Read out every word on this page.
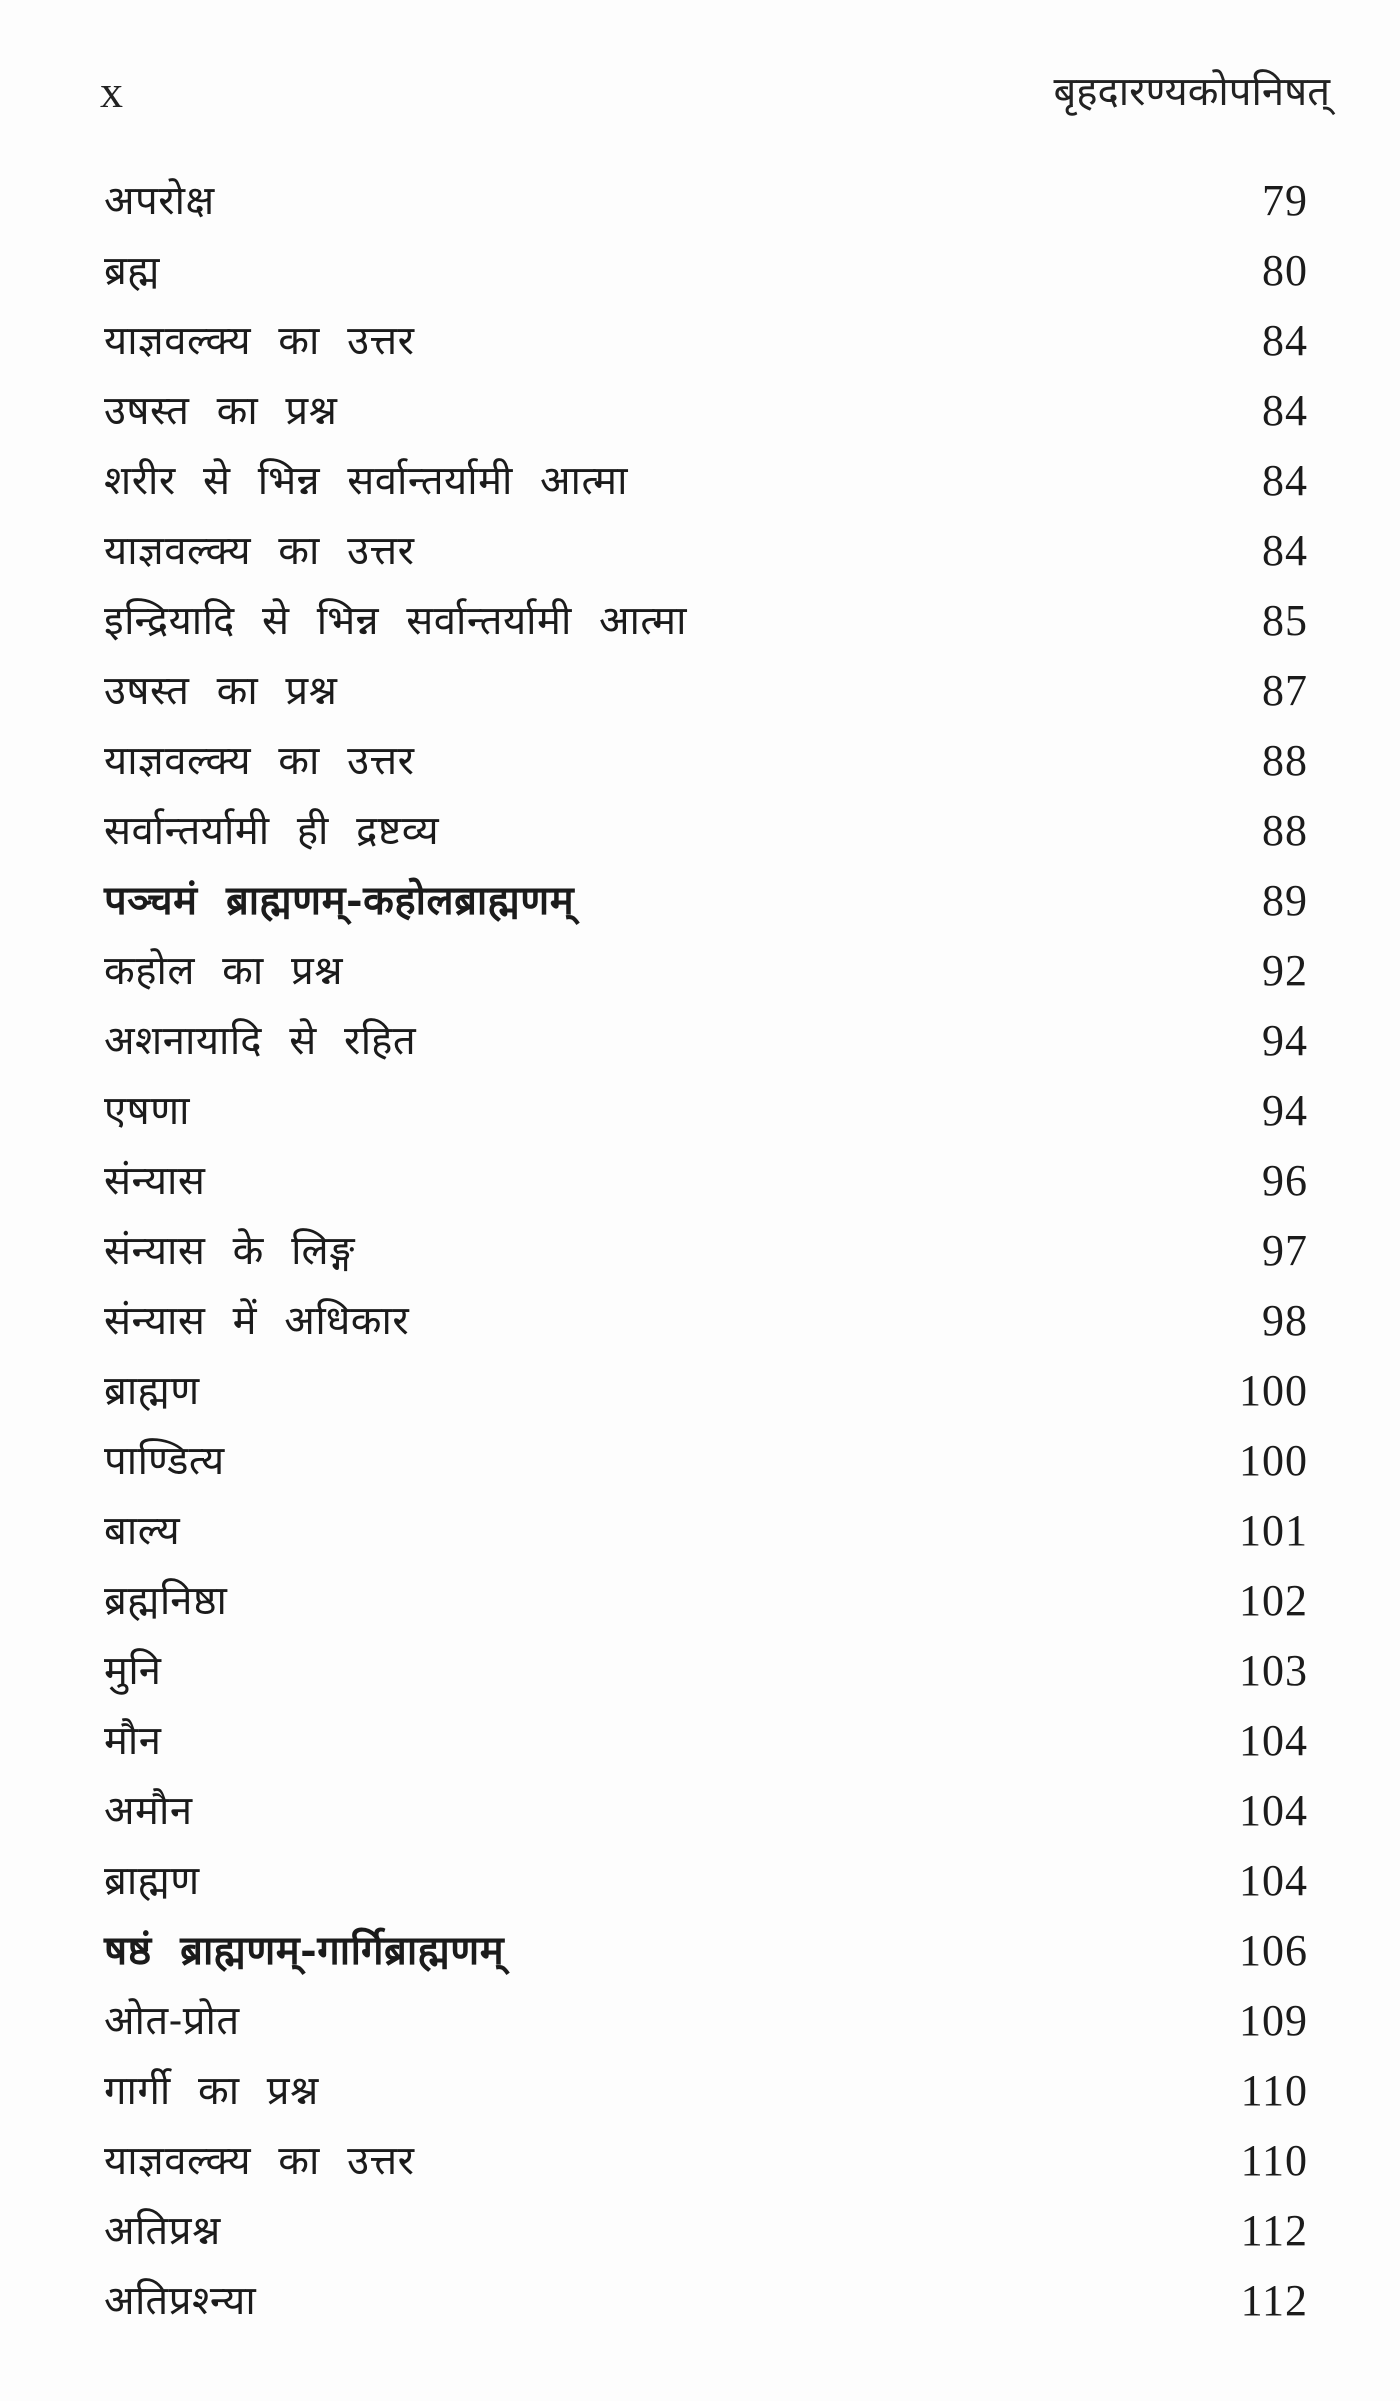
x	बृहदारण्यकोपनिषत्
अपरोक्ष	79
ब्रह्म	80
याज्ञवल्क्य का उत्तर	84
उषस्त का प्रश्न	84
शरीर से भिन्न सर्वान्तर्यामी आत्मा	84
याज्ञवल्क्य का उत्तर	84
इन्द्रियादि से भिन्न सर्वान्तर्यामी आत्मा	85
उषस्त का प्रश्न	87
याज्ञवल्क्य का उत्तर	88
सर्वान्तर्यामी ही द्रष्टव्य	88
पञ्चमं ब्राह्मणम्-कहोलब्राह्मणम्	89
कहोल का प्रश्न	92
अशनायादि से रहित	94
एषणा	94
संन्यास	96
संन्यास के लिङ्ग	97
संन्यास में अधिकार	98
ब्राह्मण	100
पाण्डित्य	100
बाल्य	101
ब्रह्मनिष्ठा	102
मुनि	103
मौन	104
अमौन	104
ब्राह्मण	104
षष्ठं ब्राह्मणम्-गार्गिब्राह्मणम्	106
ओत-प्रोत	109
गार्गी का प्रश्न	110
याज्ञवल्क्य का उत्तर	110
अतिप्रश्न	112
अतिप्रश्न्या	112
